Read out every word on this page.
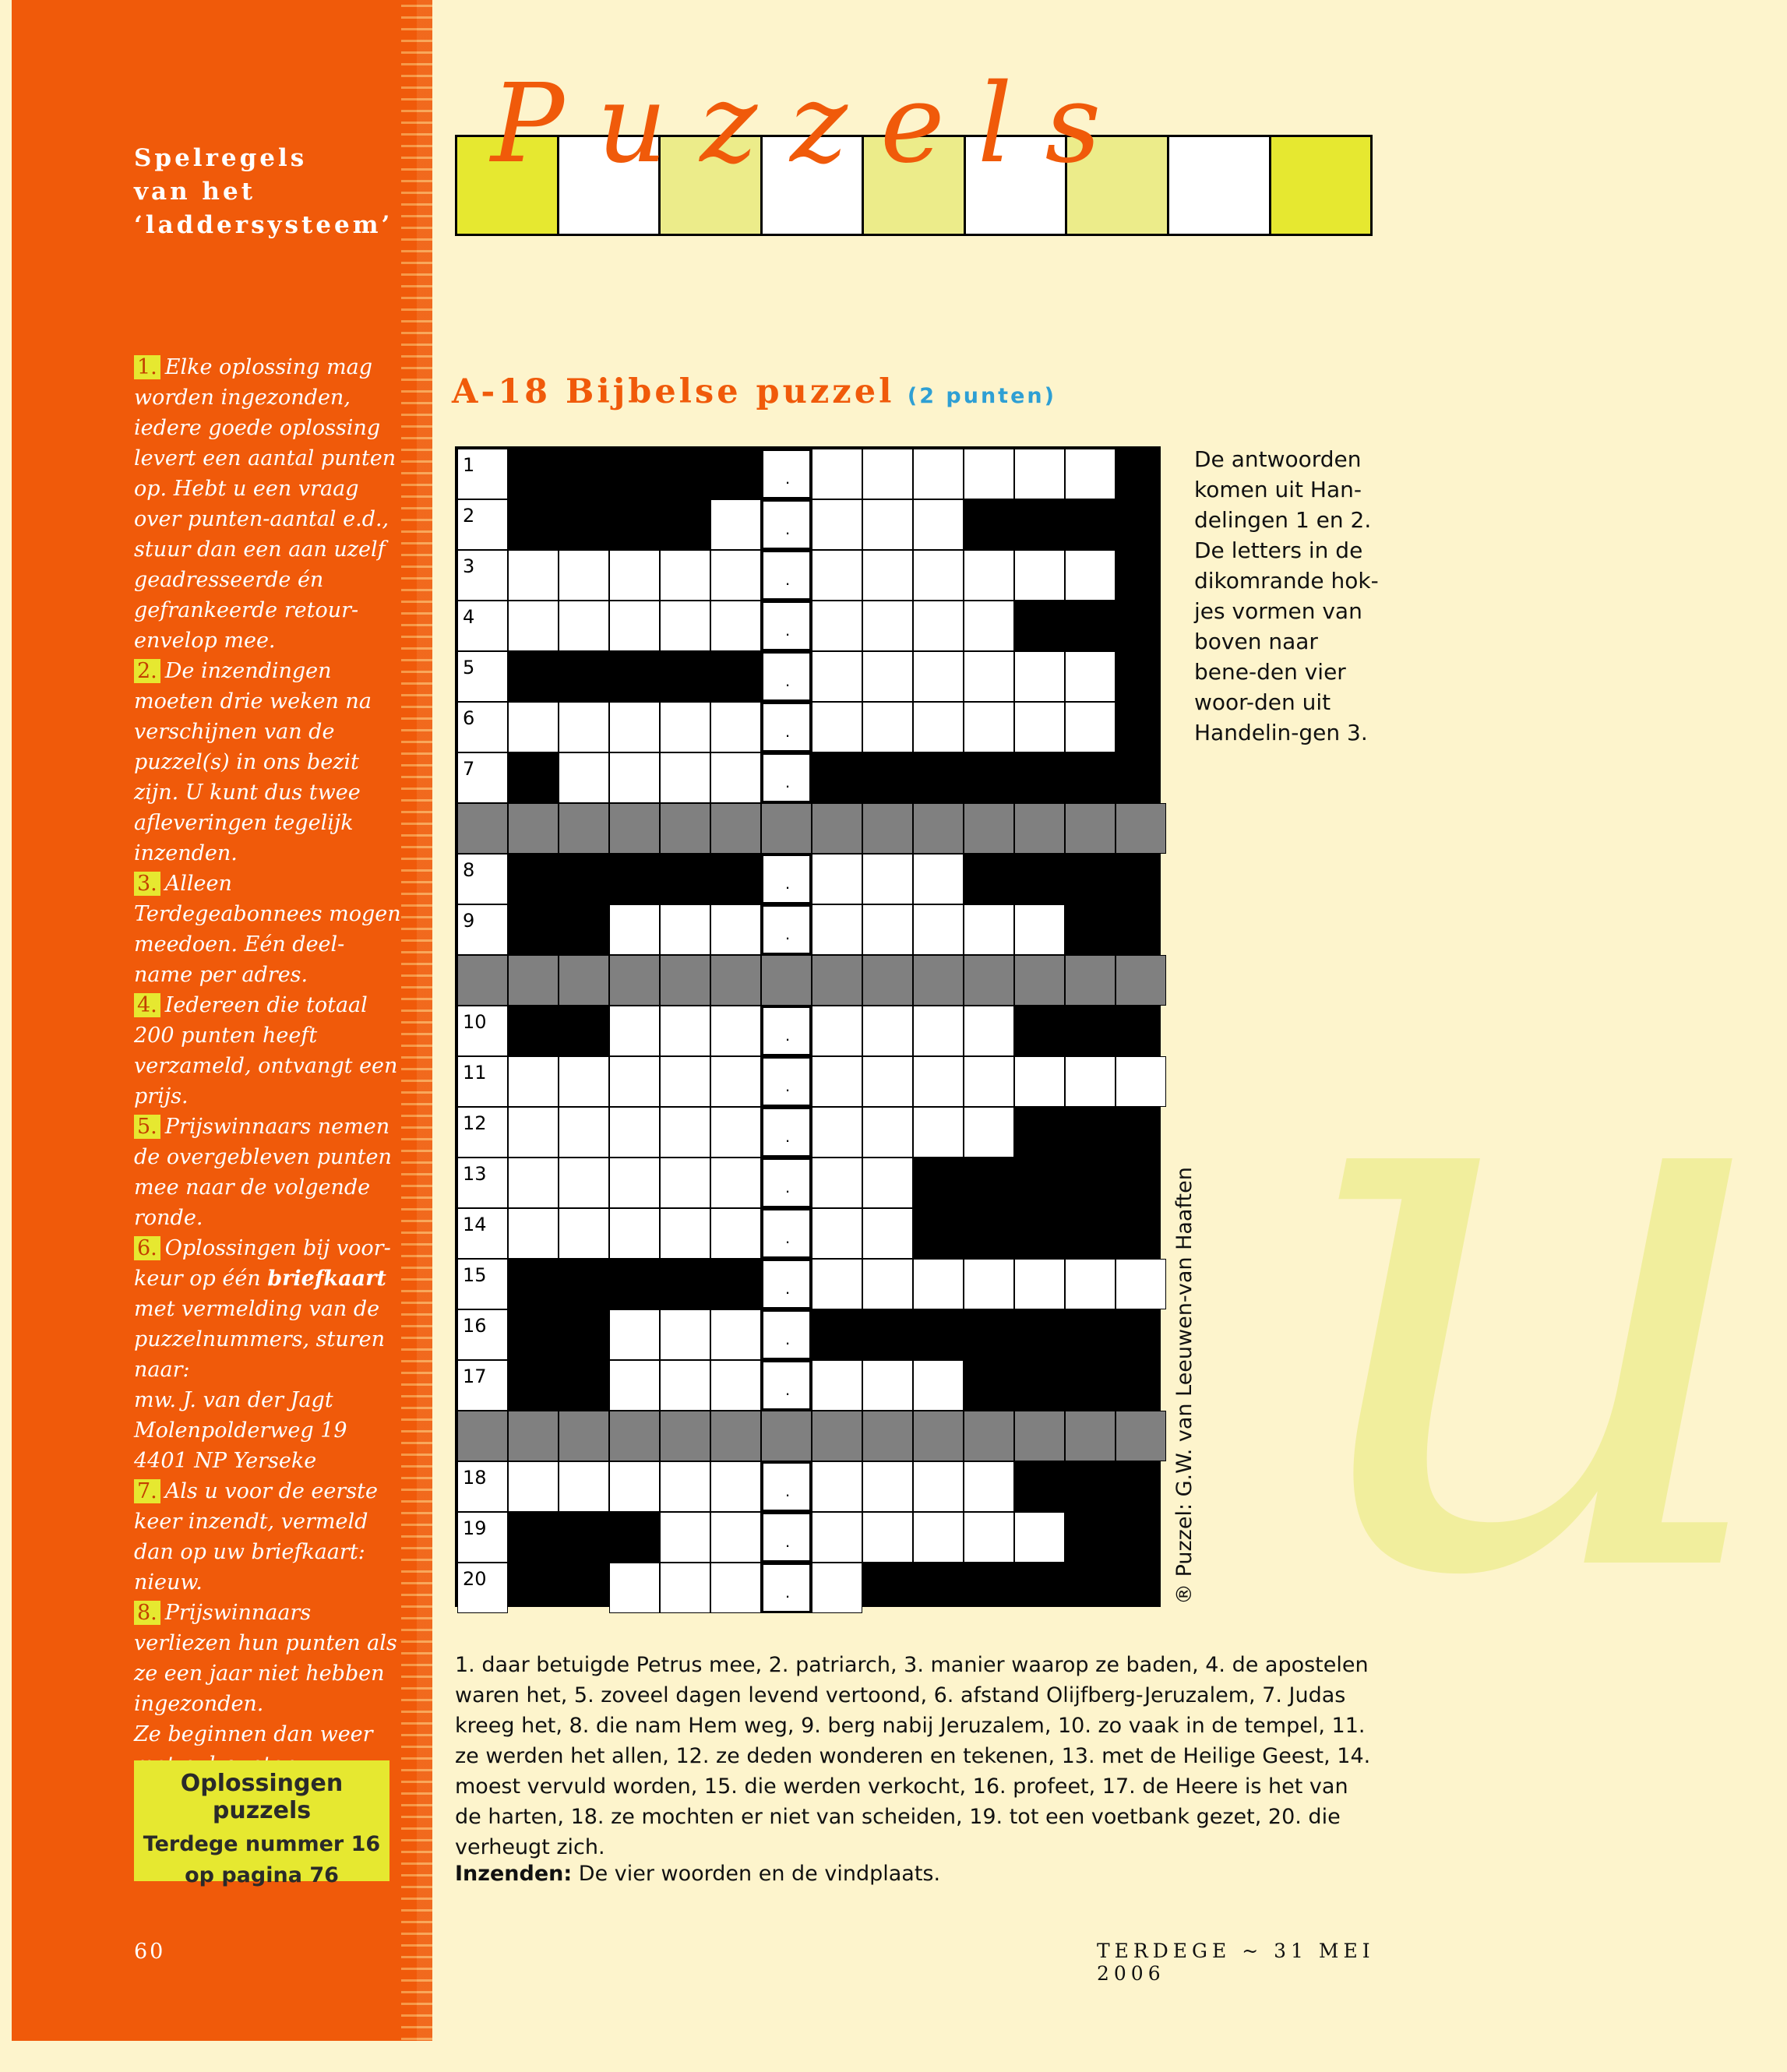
u
Spelregels
van het
‘laddersysteem’

1. Elke oplossing mag worden ingezonden, iedere goede oplossing levert een aantal punten op. Hebt u een vraag over punten-aantal e.d., stuur dan een aan uzelf geadresseerde én gefrankeerde retour-envelop mee.

2. De inzendingen moeten drie weken na verschijnen van de puzzel(s) in ons bezit zijn. U kunt dus twee afleveringen tegelijk inzenden.

3. Alleen Terdegeabonnees mogen meedoen. Eén deel-name per adres.

4. Iedereen die totaal 200 punten heeft verzameld, ontvangt een prijs.

5. Prijswinnaars nemen de overgebleven punten mee naar de volgende ronde.

6. Oplossingen bij voor-keur op één briefkaart met vermelding van de puzzelnummers, sturen naar:

mw. J. van der Jagt

Molenpolderweg 19

4401 NP Yerseke

7. Als u voor de eerste keer inzendt, vermeld dan op uw briefkaart: nieuw.

8. Prijswinnaars verliezen hun punten als ze een jaar niet hebben ingezonden.

Ze beginnen dan weer

Oplossingen puzzels
Terdege nummer 16
op pagina 76
Puzzels
A-18 Bijbelse puzzel (2 punten)
1
.
2
.
3
.
4
.
5
.
6
.
7
.
8
.
9
.
10
.
11
.
12
.
13
.
14
.
15
.
16
.
17
.
18
.
19
.
20
.

De antwoorden komen uit Han-delingen 1 en 2. De letters in de dikomrande hok-jes vormen van boven naar bene-den vier woor-den uit Handelin-gen 3.

® Puzzel: G.W. van Leeuwen-van Haaften

1. daar betuigde Petrus mee, 2. patriarch, 3. manier waarop ze baden, 4. de apostelen waren het, 5. zoveel dagen levend vertoond, 6. afstand Olijfberg-Jeruzalem, 7. Judas kreeg het, 8. die nam Hem weg, 9. berg nabij Jeruzalem, 10. zo vaak in de tempel, 11. ze werden het allen, 12. ze deden wonderen en tekenen, 13. met de Heilige Geest, 14. moest vervuld worden, 15. die werden verkocht, 16. profeet, 17. de Heere is het van de harten, 18. ze mochten er niet van scheiden, 19. tot een voetbank gezet, 20. die verheugt zich.

Inzenden: De vier woorden en de vindplaats.

60	TERDEGE ~ 31 MEI 2006
